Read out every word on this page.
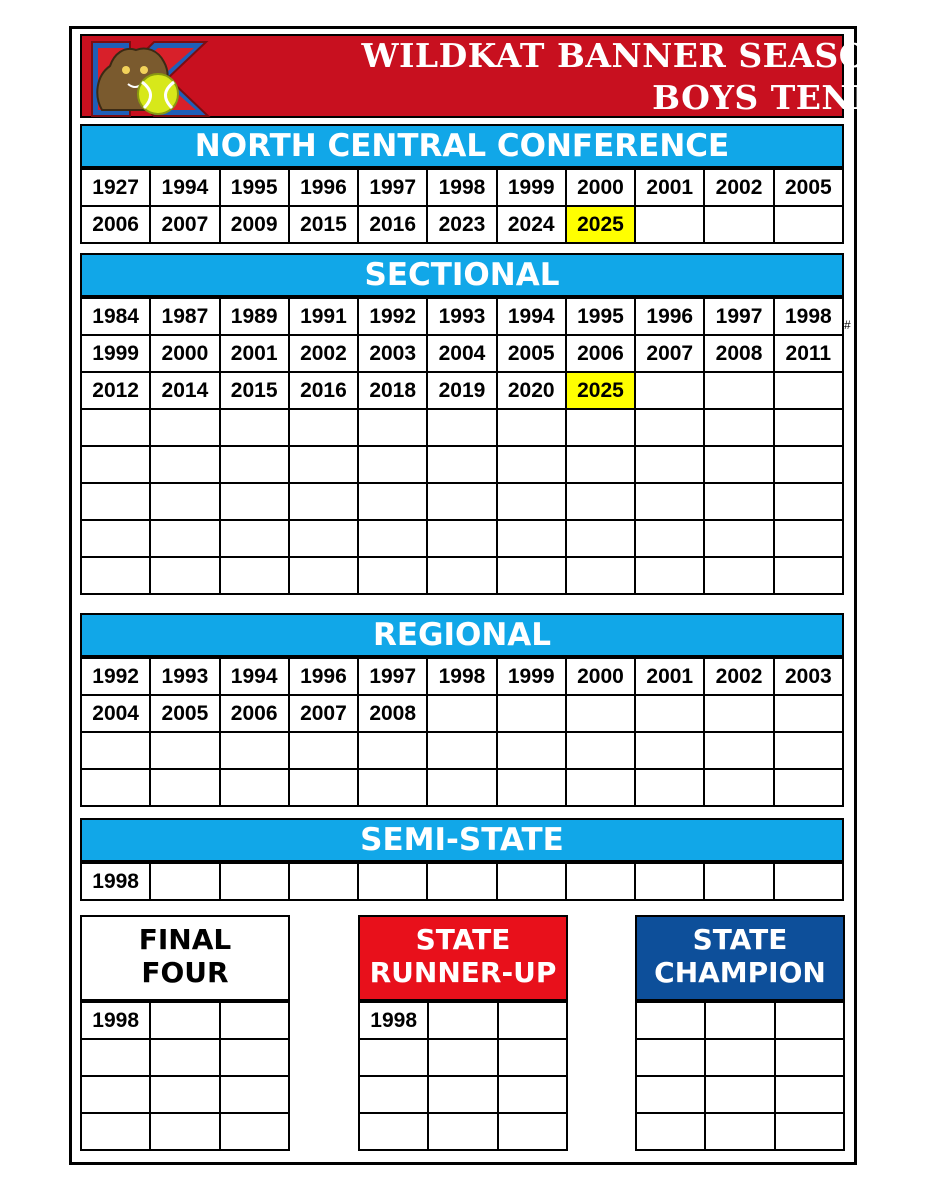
K	WILDKAT BANNER SEASONS
BOYS TENNIS
NORTH CENTRAL CONFERENCE
1927	1994	1995	1996	1997	1998	1999	2000	2001	2002	2005
2006	2007	2009	2015	2016	2023	2024	2025			
SECTIONAL
1984	1987	1989	1991	1992	1993	1994	1995	1996	1997	1998
1999	2000	2001	2002	2003	2004	2005	2006	2007	2008	2011
2012	2014	2015	2016	2018	2019	2020	2025			

#
REGIONAL
1992	1993	1994	1996	1997	1998	1999	2000	2001	2002	2003
2004	2005	2006	2007	2008						

SEMI-STATE
1998										
FINAL
FOUR
1998		

STATE
RUNNER-UP
1998		

STATE
CHAMPION
